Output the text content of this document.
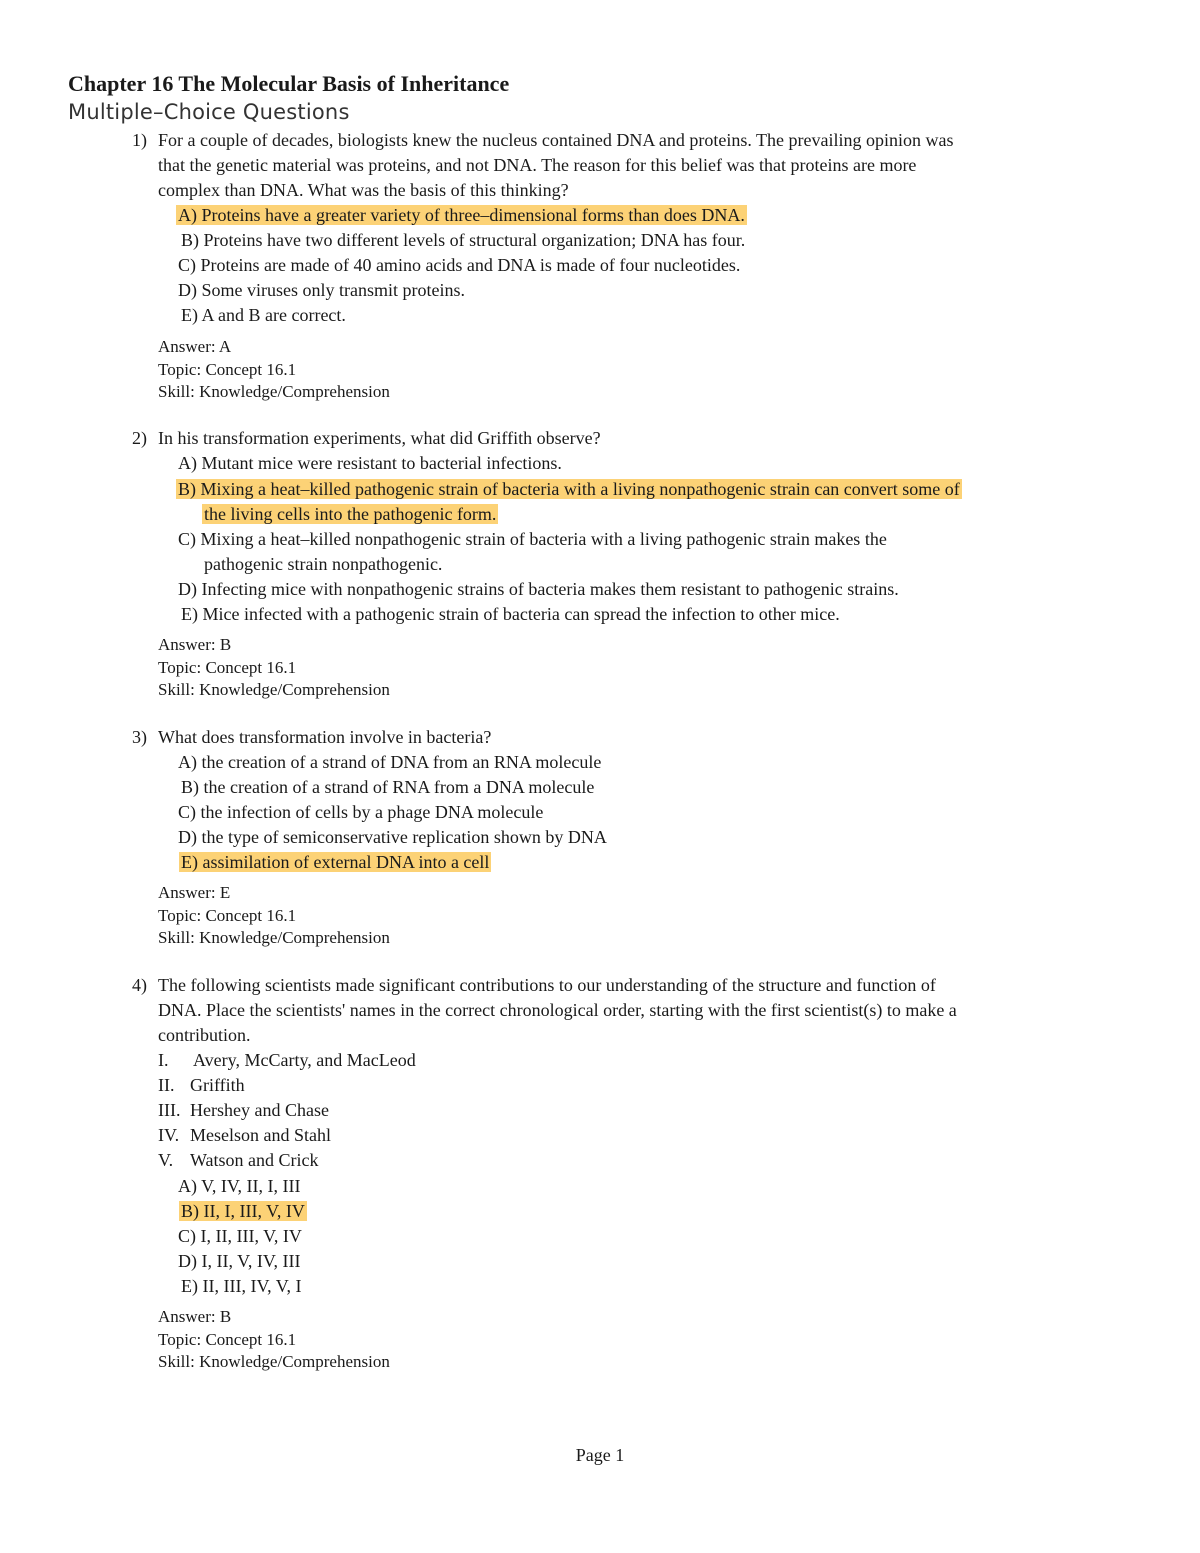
Chapter 16 The Molecular Basis of Inheritance
Multiple–Choice Questions
1) For a couple of decades, biologists knew the nucleus contained DNA and proteins. The prevailing opinion was
that the genetic material was proteins, and not DNA. The reason for this belief was that proteins are more
complex than DNA. What was the basis of this thinking?
A) Proteins have a greater variety of three–dimensional forms than does DNA.
B) Proteins have two different levels of structural organization; DNA has four.
C) Proteins are made of 40 amino acids and DNA is made of four nucleotides.
D) Some viruses only transmit proteins.
E) A and B are correct.
Answer: A
Topic: Concept 16.1
Skill: Knowledge/Comprehension
2) In his transformation experiments, what did Griffith observe?
A) Mutant mice were resistant to bacterial infections.
B) Mixing a heat–killed pathogenic strain of bacteria with a living nonpathogenic strain can convert some of
the living cells into the pathogenic form.
C) Mixing a heat–killed nonpathogenic strain of bacteria with a living pathogenic strain makes the
pathogenic strain nonpathogenic.
D) Infecting mice with nonpathogenic strains of bacteria makes them resistant to pathogenic strains.
E) Mice infected with a pathogenic strain of bacteria can spread the infection to other mice.
Answer: B
Topic: Concept 16.1
Skill: Knowledge/Comprehension
3) What does transformation involve in bacteria?
A) the creation of a strand of DNA from an RNA molecule
B) the creation of a strand of RNA from a DNA molecule
C) the infection of cells by a phage DNA molecule
D) the type of semiconservative replication shown by DNA
E) assimilation of external DNA into a cell
Answer: E
Topic: Concept 16.1
Skill: Knowledge/Comprehension
4) The following scientists made significant contributions to our understanding of the structure and function of
DNA. Place the scientists' names in the correct chronological order, starting with the first scientist(s) to make a
contribution.
I. Avery, McCarty, and MacLeod
II. Griffith
III. Hershey and Chase
IV. Meselson and Stahl
V. Watson and Crick
A) V, IV, II, I, III
B) II, I, III, V, IV
C) I, II, III, V, IV
D) I, II, V, IV, III
E) II, III, IV, V, I
Answer: B
Topic: Concept 16.1
Skill: Knowledge/Comprehension
Page 1
